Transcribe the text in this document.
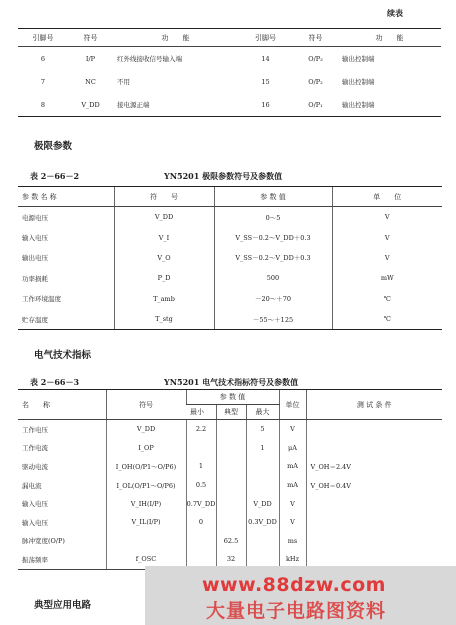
续表
引脚号	符号	功　　能	引脚号	符号	功　　能
6	I/P	红外线接收信号输入端	14	O/P₃	输出控制端
7	NC	不用	15	O/P₂	输出控制端
8	V_DD	接电源正端	16	O/P₁	输出控制端
极限参数
表 2－66－2	YN5201 极限参数符号及参数值
参 数 名 称	符　　号	参 数 值	单　　位
电源电压	V_DD	0～5	V
输入电压	V_I	V_SS－0.2～V_DD＋0.3	V
输出电压	V_O	V_SS－0.2～V_DD＋0.3	V
功率损耗	P_D	500	mW
工作环境温度	T_amb	－20～＋70	℃
贮存温度	T_stg	－55～＋125	℃
电气技术指标
表 2－66－3	YN5201 电气技术指标符号及参数值
名　　称	符号	参 数 值			单位	测 试 条 件
		最小	典型	最大		
工作电压	V_DD	2.2		5	V	
工作电流	I_OP			1	μA	
驱动电流	I_OH(O/P1～O/P6)	1			mA	V_OH＝2.4V
漏电流	I_OL(O/P1～O/P6)	0.5			mA	V_OH＝0.4V
输入电压	V_IH(I/P)	0.7V_DD		V_DD	V	
输入电压	V_IL(I/P)	0		0.3V_DD	V	
脉冲宽度(O/P)			62.5		ms	
振荡频率	f_OSC		32		kHz	
典型应用电路
www.88dzw.com
大量电子电路图资料
